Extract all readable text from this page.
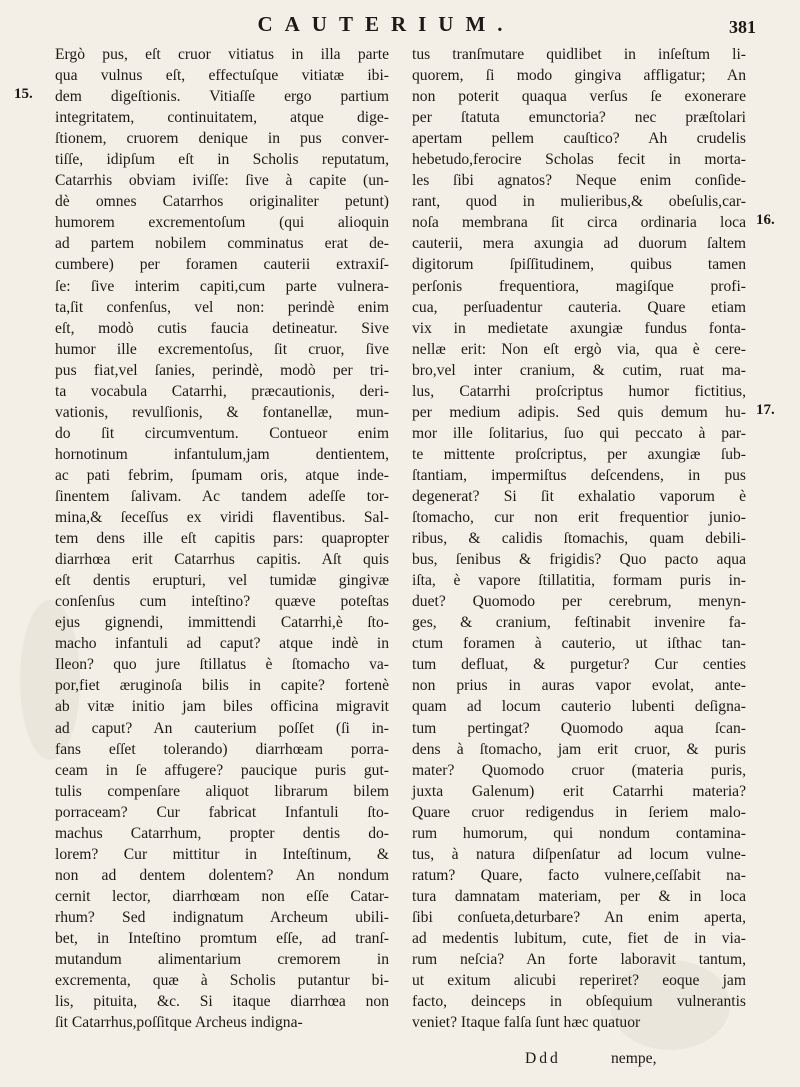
CAUTERIUM.	381
15.
16.
17.
Ergò pus, eſt cruor vitiatus in illa parte
qua vulnus eſt, effectuſque vitiatæ ibi-
dem digeſtionis. Vitiaſſe ergo partium
integritatem, continuitatem, atque dige-
ſtionem, cruorem denique in pus conver-
tiſſe, idipſum eſt in Scholis reputatum,
Catarrhis obviam iviſſe: ſive à capite (un-
dè omnes Catarrhos originaliter petunt)
humorem excrementoſum (qui alioquin
ad partem nobilem comminatus erat de-
cumbere) per foramen cauterii extraxiſ-
ſe: ſive interim capiti,cum parte vulnera-
ta,ſit confenſus, vel non: perindè enim
eſt, modò cutis faucia detineatur. Sive
humor ille excrementoſus, ſit cruor, ſive
pus fiat,vel ſanies, perindè, modò per tri-
ta vocabula Catarrhi, præcautionis, deri-
vationis, revulſionis, & fontanellæ, mun-
do ſit circumventum. Contueor enim
hornotinum infantulum,jam dentientem,
ac pati febrim, ſpumam oris, atque inde-
ſinentem ſalivam. Ac tandem adeſſe tor-
mina,& ſeceſſus ex viridi flaventibus. Sal-
tem dens ille eſt capitis pars: quapropter
diarrhœa erit Catarrhus capitis. Aſt quis
eſt dentis erupturi, vel tumidæ gingivæ
conſenſus cum inteſtino? quæve poteſtas
ejus gignendi, immittendi Catarrhi,è ſto-
macho infantuli ad caput? atque indè in
Ileon? quo jure ſtillatus è ſtomacho va-
por,fiet æruginoſa bilis in capite? fortenè
ab vitæ initio jam biles officina migravit
ad caput? An cauterium poſſet (ſi in-
fans eſſet tolerando) diarrhœam porra-
ceam in ſe affugere? paucique puris gut-
tulis compenſare aliquot librarum bilem
porraceam? Cur fabricat Infantuli ſto-
machus Catarrhum, propter dentis do-
lorem? Cur mittitur in Inteſtinum, &
non ad dentem dolentem? An nondum
cernit lector, diarrhœam non eſſe Catar-
rhum? Sed indignatum Archeum ubili-
bet, in Inteſtino promtum eſſe, ad tranſ-
mutandum alimentarium cremorem in
excrementa, quæ à Scholis putantur bi-
lis, pituita, &c. Si itaque diarrhœa non
ſit Catarrhus,poſſitque Archeus indigna-
tus tranſmutare quidlibet in inſeſtum li-
quorem, ſi modo gingiva affligatur; An
non poterit quaqua verſus ſe exonerare
per ſtatuta emunctoria? nec præſtolari
apertam pellem cauſtico? Ah crudelis
hebetudo,ferocire Scholas fecit in morta-
les ſibi agnatos? Neque enim conſide-
rant, quod in mulieribus,& obeſulis,car-
noſa membrana ſit circa ordinaria loca
cauterii, mera axungia ad duorum ſaltem
digitorum ſpiſſitudinem, quibus tamen
perſonis frequentiora, magiſque profi-
cua, perſuadentur cauteria. Quare etiam
vix in medietate axungiæ fundus fonta-
nellæ erit: Non eſt ergò via, qua è cere-
bro,vel inter cranium, & cutim, ruat ma-
lus, Catarrhi proſcriptus humor fictitius,
per medium adipis. Sed quis demum hu-
mor ille ſolitarius, ſuo qui peccato à par-
te mittente proſcriptus, per axungiæ ſub-
ſtantiam, impermiſtus deſcendens, in pus
degenerat? Si ſit exhalatio vaporum è
ſtomacho, cur non erit frequentior junio-
ribus, & calidis ſtomachis, quam debili-
bus, ſenibus & frigidis? Quo pacto aqua
iſta, è vapore ſtillatitia, formam puris in-
duet? Quomodo per cerebrum, menyn-
ges, & cranium, feſtinabit invenire fa-
ctum foramen à cauterio, ut iſthac tan-
tum defluat, & purgetur? Cur centies
non prius in auras vapor evolat, ante-
quam ad locum cauterio lubenti deſigna-
tum pertingat? Quomodo aqua ſcan-
dens à ſtomacho, jam erit cruor, & puris
mater? Quomodo cruor (materia puris,
juxta Galenum) erit Catarrhi materia?
Quare cruor redigendus in ſeriem malo-
rum humorum, qui nondum contamina-
tus, à natura diſpenſatur ad locum vulne-
ratum? Quare, facto vulnere,ceſſabit na-
tura damnatam materiam, per & in loca
ſibi conſueta,deturbare? An enim aperta,
ad medentis lubitum, cute, fiet de in via-
rum neſcia? An forte laboravit tantum,
ut exitum alicubi reperiret? eoque jam
facto, deinceps in obſequium vulnerantis
veniet? Itaque falſa ſunt hæc quatuor
Ddd	nempe,
